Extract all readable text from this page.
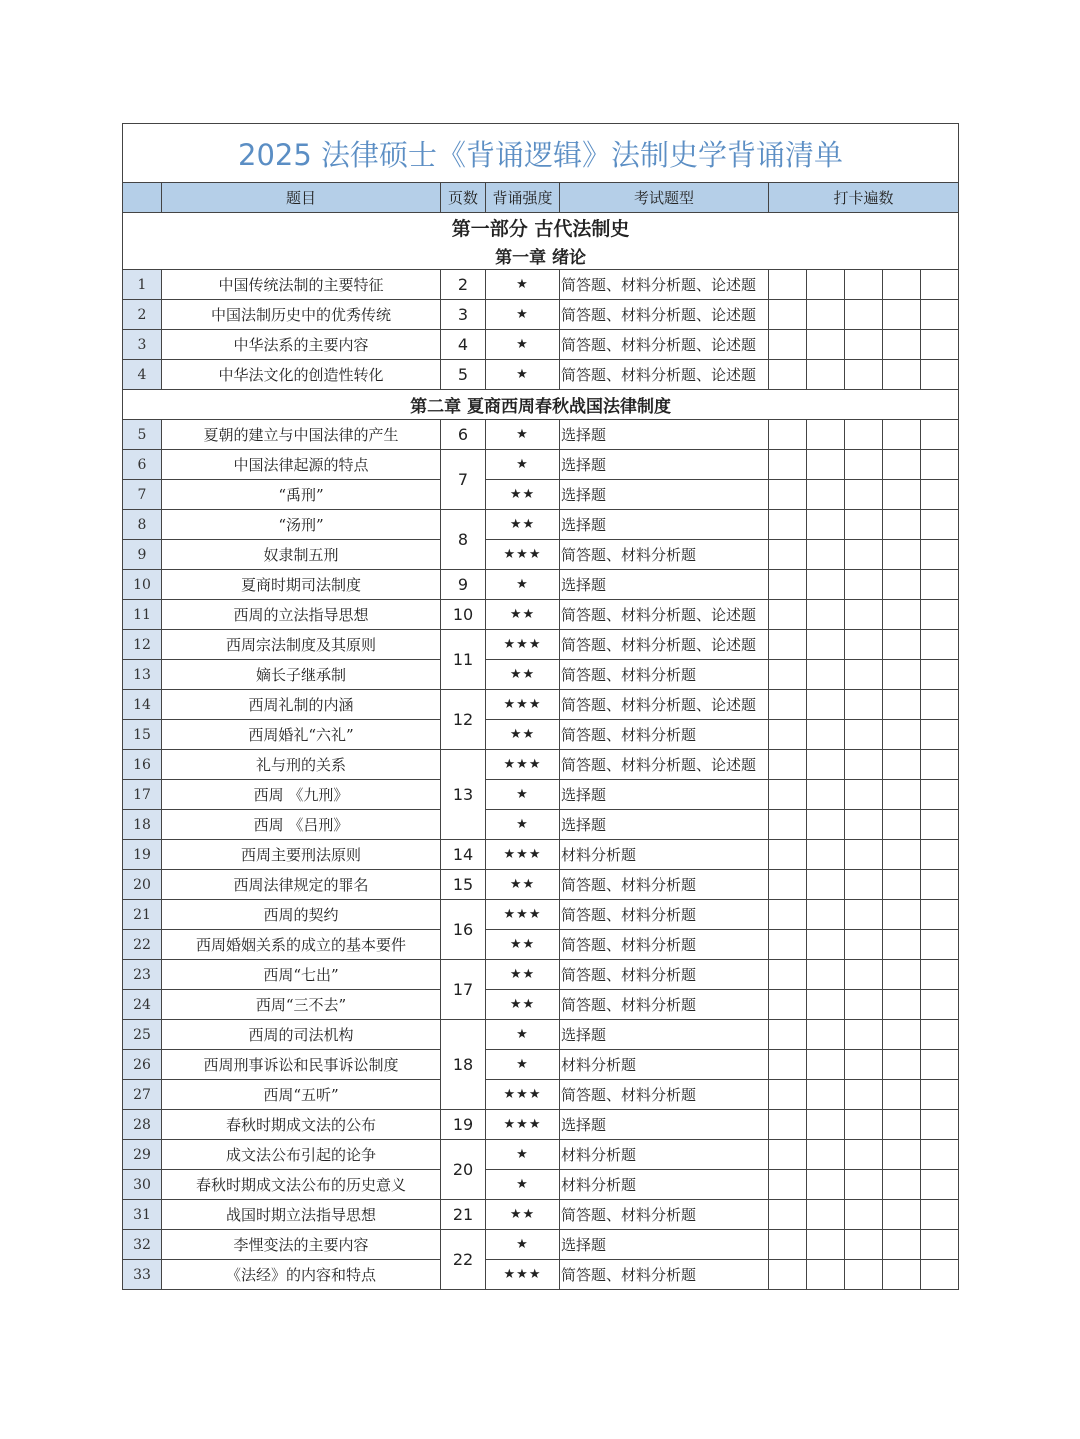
2025 法律硕士《背诵逻辑》法制史学背诵清单									
	题目	页数	背诵强度	考试题型	打卡遍数				
第一部分 古代法制史									
第一章 绪论									
1	中国传统法制的主要特征	2	★	简答题、材料分析题、论述题					
2	中国法制历史中的优秀传统	3	★	简答题、材料分析题、论述题					
3	中华法系的主要内容	4	★	简答题、材料分析题、论述题					
4	中华法文化的创造性转化	5	★	简答题、材料分析题、论述题					
第二章 夏商西周春秋战国法律制度									
5	夏朝的建立与中国法律的产生	6	★	选择题					
6	中国法律起源的特点	7	★	选择题					
7	“禹刑”		★★	选择题					
8	“汤刑”	8	★★	选择题					
9	奴隶制五刑		★★★	简答题、材料分析题					
10	夏商时期司法制度	9	★	选择题					
11	西周的立法指导思想	10	★★	简答题、材料分析题、论述题					
12	西周宗法制度及其原则	11	★★★	简答题、材料分析题、论述题					
13	嫡长子继承制		★★	简答题、材料分析题					
14	西周礼制的内涵	12	★★★	简答题、材料分析题、论述题					
15	西周婚礼“六礼”		★★	简答题、材料分析题					
16	礼与刑的关系	13	★★★	简答题、材料分析题、论述题					
17	西周 《九刑》		★	选择题					
18	西周 《吕刑》		★	选择题					
19	西周主要刑法原则	14	★★★	材料分析题					
20	西周法律规定的罪名	15	★★	简答题、材料分析题					
21	西周的契约	16	★★★	简答题、材料分析题					
22	西周婚姻关系的成立的基本要件		★★	简答题、材料分析题					
23	西周“七出”	17	★★	简答题、材料分析题					
24	西周“三不去”		★★	简答题、材料分析题					
25	西周的司法机构	18	★	选择题					
26	西周刑事诉讼和民事诉讼制度		★	材料分析题					
27	西周“五听”		★★★	简答题、材料分析题					
28	春秋时期成文法的公布	19	★★★	选择题					
29	成文法公布引起的论争	20	★	材料分析题					
30	春秋时期成文法公布的历史意义		★	材料分析题					
31	战国时期立法指导思想	21	★★	简答题、材料分析题					
32	李悝变法的主要内容	22	★	选择题					
33	《法经》的内容和特点		★★★	简答题、材料分析题					
